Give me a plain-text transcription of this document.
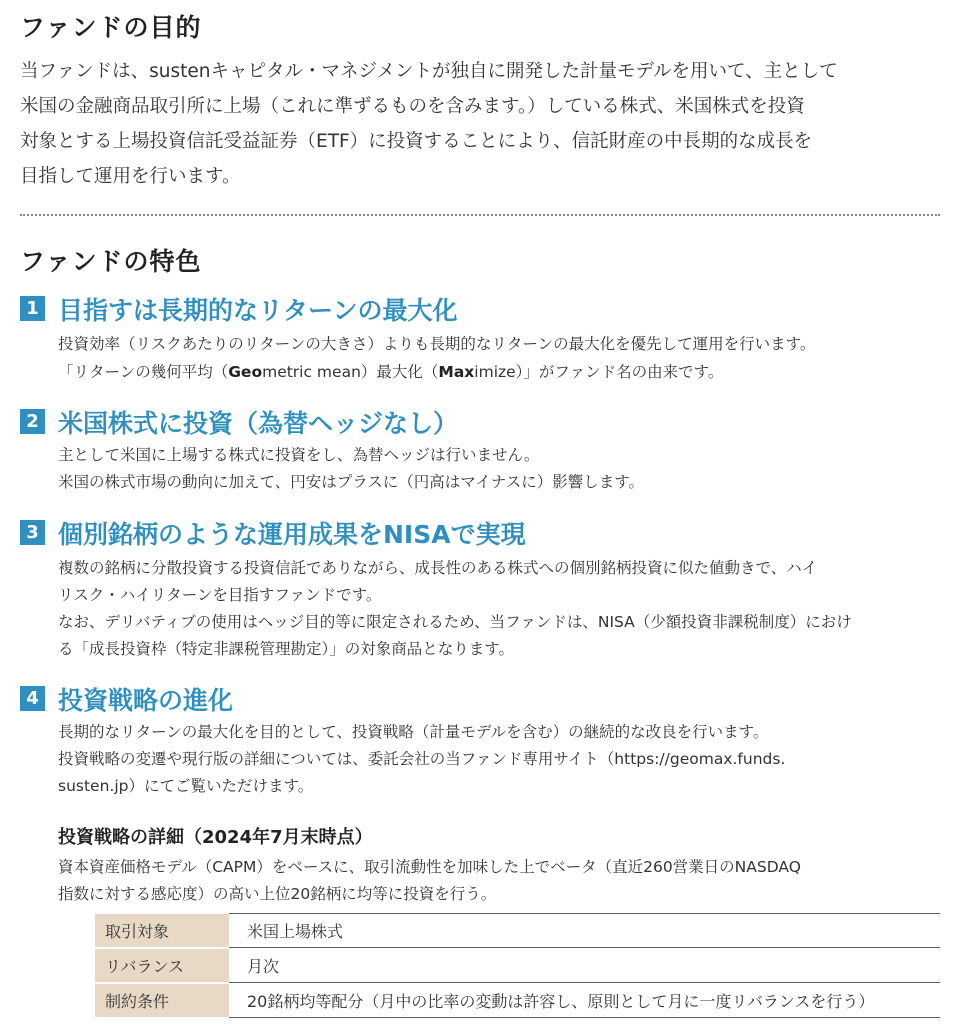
ファンドの目的
当ファンドは、sustenキャピタル・マネジメントが独自に開発した計量モデルを用いて、主として
米国の金融商品取引所に上場（これに準ずるものを含みます。）している株式、米国株式を投資
対象とする上場投資信託受益証券（ETF）に投資することにより、信託財産の中長期的な成長を
目指して運用を行います。
ファンドの特色
1 目指すは長期的なリターンの最大化
投資効率（リスクあたりのリターンの大きさ）よりも長期的なリターンの最大化を優先して運用を行います。
「リターンの幾何平均（Geometric mean）最大化（Maximize）」がファンド名の由来です。
2 米国株式に投資（為替ヘッジなし）
主として米国に上場する株式に投資をし、為替ヘッジは行いません。
米国の株式市場の動向に加えて、円安はプラスに（円高はマイナスに）影響します。
3 個別銘柄のような運用成果をNISAで実現
複数の銘柄に分散投資する投資信託でありながら、成長性のある株式への個別銘柄投資に似た値動きで、ハイ
リスク・ハイリターンを目指すファンドです。
なお、デリバティブの使用はヘッジ目的等に限定されるため、当ファンドは、NISA（少額投資非課税制度）におけ
る「成長投資枠（特定非課税管理勘定）」の対象商品となります。
4 投資戦略の進化
長期的なリターンの最大化を目的として、投資戦略（計量モデルを含む）の継続的な改良を行います。
投資戦略の変遷や現行版の詳細については、委託会社の当ファンド専用サイト（https://geomax.funds.
susten.jp）にてご覧いただけます。
投資戦略の詳細（2024年7月末時点）
資本資産価格モデル（CAPM）をベースに、取引流動性を加味した上でベータ（直近260営業日のNASDAQ
指数に対する感応度）の高い上位20銘柄に均等に投資を行う。
取引対象	米国上場株式
リバランス	月次
制約条件	20銘柄均等配分（月中の比率の変動は許容し、原則として月に一度リバランスを行う）
